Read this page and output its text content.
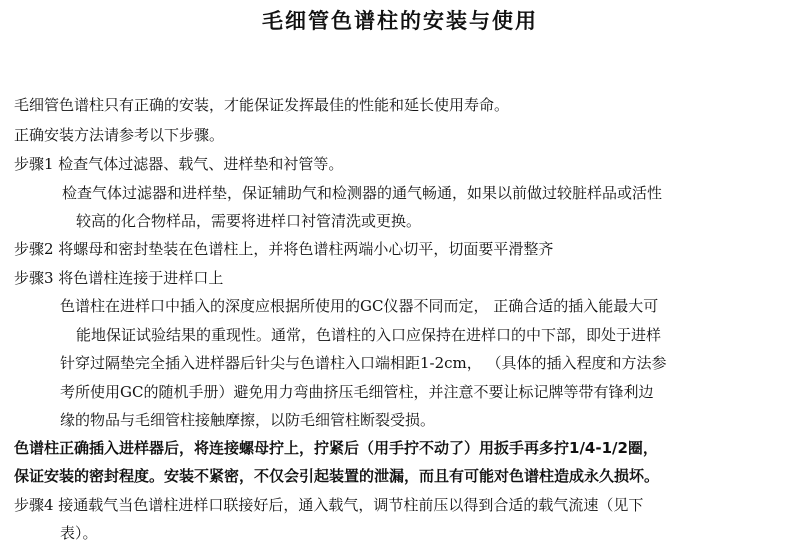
毛细管色谱柱的安装与使用
毛细管色谱柱只有正确的安装，才能保证发挥最佳的性能和延长使用寿命。
正确安装方法请参考以下步骤。
步骤1 检查气体过滤器、载气、进样垫和衬管等。
检查气体过滤器和进样垫，保证辅助气和检测器的通气畅通，如果以前做过较脏样品或活性
较高的化合物样品，需要将进样口衬管清洗或更换。
步骤2 将螺母和密封垫装在色谱柱上，并将色谱柱两端小心切平，切面要平滑整齐
步骤3 将色谱柱连接于进样口上
色谱柱在进样口中插入的深度应根据所使用的GC仪器不同而定， 正确合适的插入能最大可
能地保证试验结果的重现性。通常，色谱柱的入口应保持在进样口的中下部，即处于进样
针穿过隔垫完全插入进样器后针尖与色谱柱入口端相距1-2cm， （具体的插入程度和方法参
考所使用GC的随机手册）避免用力弯曲挤压毛细管柱，并注意不要让标记牌等带有锋利边
缘的物品与毛细管柱接触摩擦，以防毛细管柱断裂受损。
色谱柱正确插入进样器后，将连接螺母拧上，拧紧后（用手拧不动了）用扳手再多拧1/4-1/2圈，
保证安装的密封程度。安装不紧密，不仅会引起装置的泄漏，而且有可能对色谱柱造成永久损坏。
步骤4 接通载气当色谱柱进样口联接好后，通入载气，调节柱前压以得到合适的载气流速（见下
表）。
